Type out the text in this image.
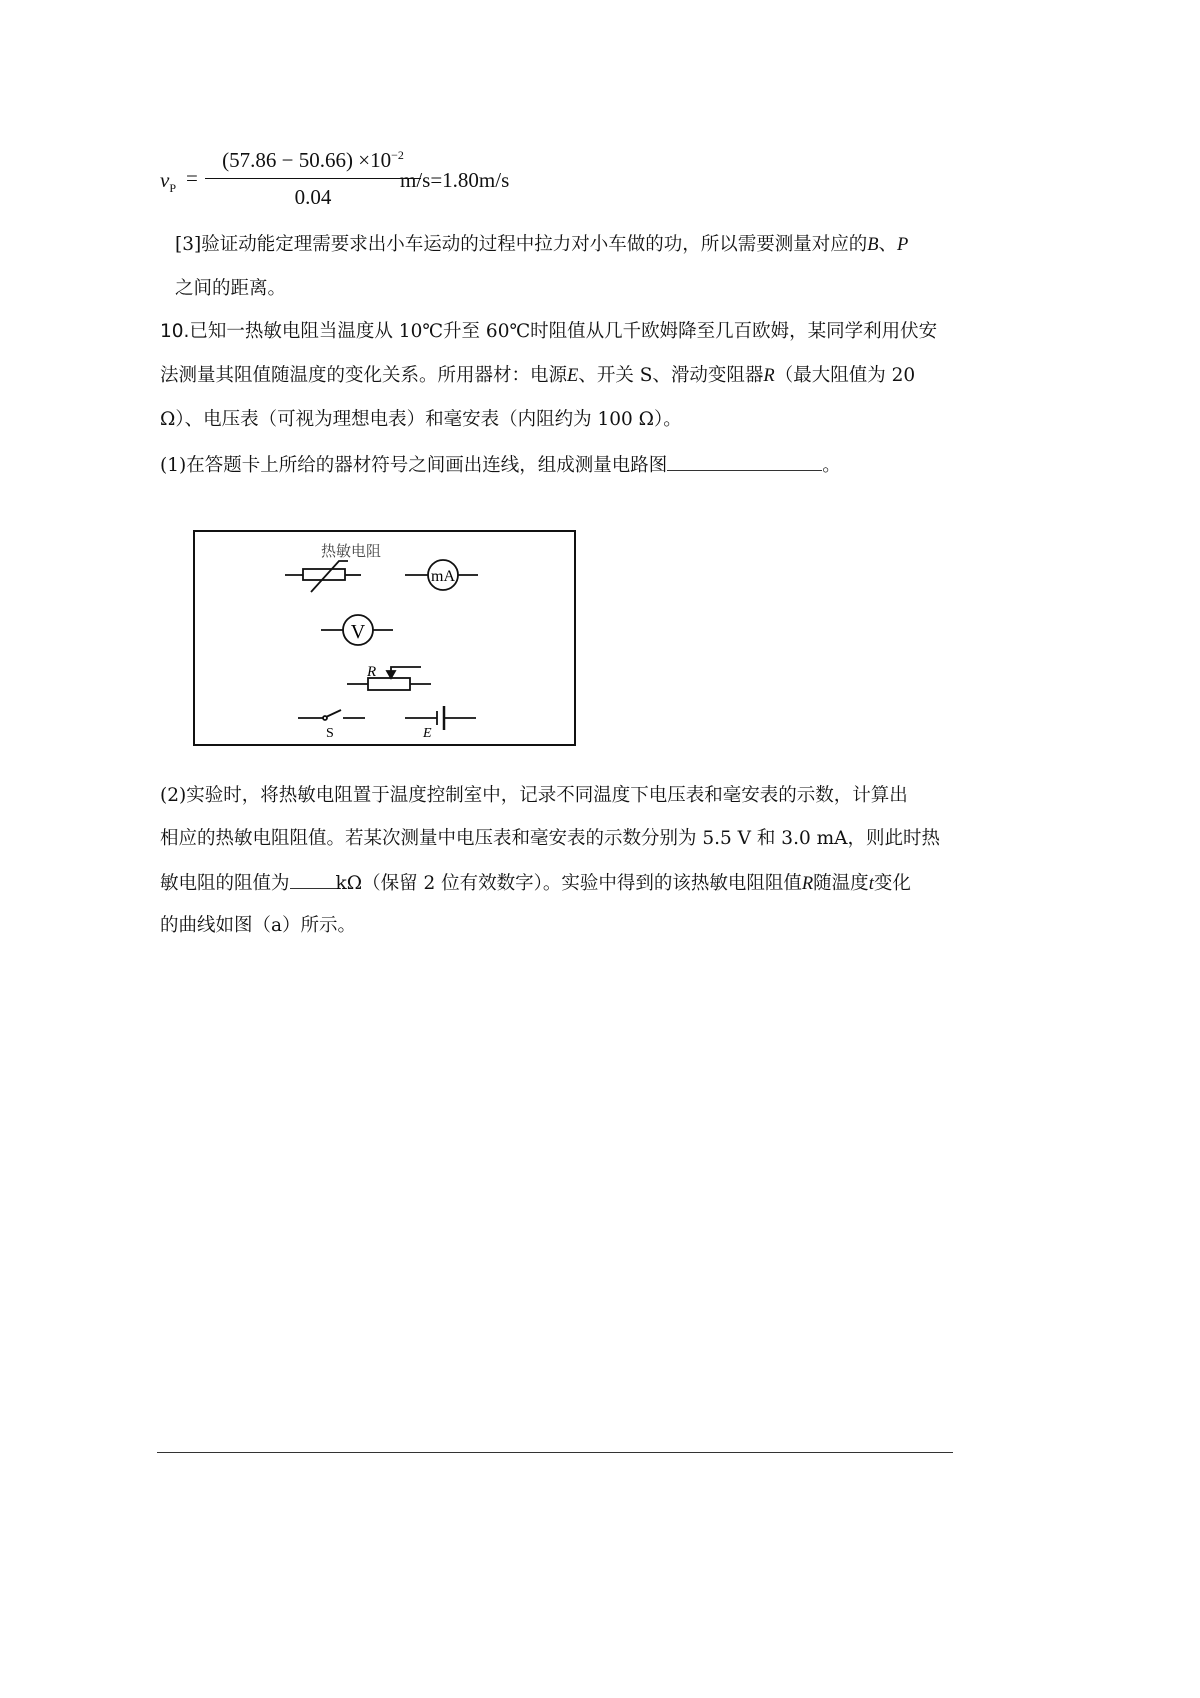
$v_P = \frac{(57.86 - 50.66) \times 10^{-2}}{0.04}$
m/s=1.80m/s
[3]验证动能定理需要求出小车运动的过程中拉力对小车做的功，所以需要测量对应的B、P
之间的距离。
10.已知一热敏电阻当温度从 10℃升至 60℃时阻值从几千欧姆降至几百欧姆，某同学利用伏安
法测量其阻值随温度的变化关系。所用器材：电源E、开关 S、滑动变阻器R（最大阻值为 20
Ω）、电压表（可视为理想电表）和毫安表（内阻约为 100 Ω）。
(1)在答题卡上所给的器材符号之间画出连线，组成测量电路图	。
热敏电阻
mA
V
R
S	E
(2)实验时，将热敏电阻置于温度控制室中，记录不同温度下电压表和毫安表的示数，计算出
相应的热敏电阻阻值。若某次测量中电压表和毫安表的示数分别为 5.5 V 和 3.0 mA，则此时热
敏电阻的阻值为 kΩ（保留 2 位有效数字）。实验中得到的该热敏电阻阻值R随温度t变化
的曲线如图（a）所示。
